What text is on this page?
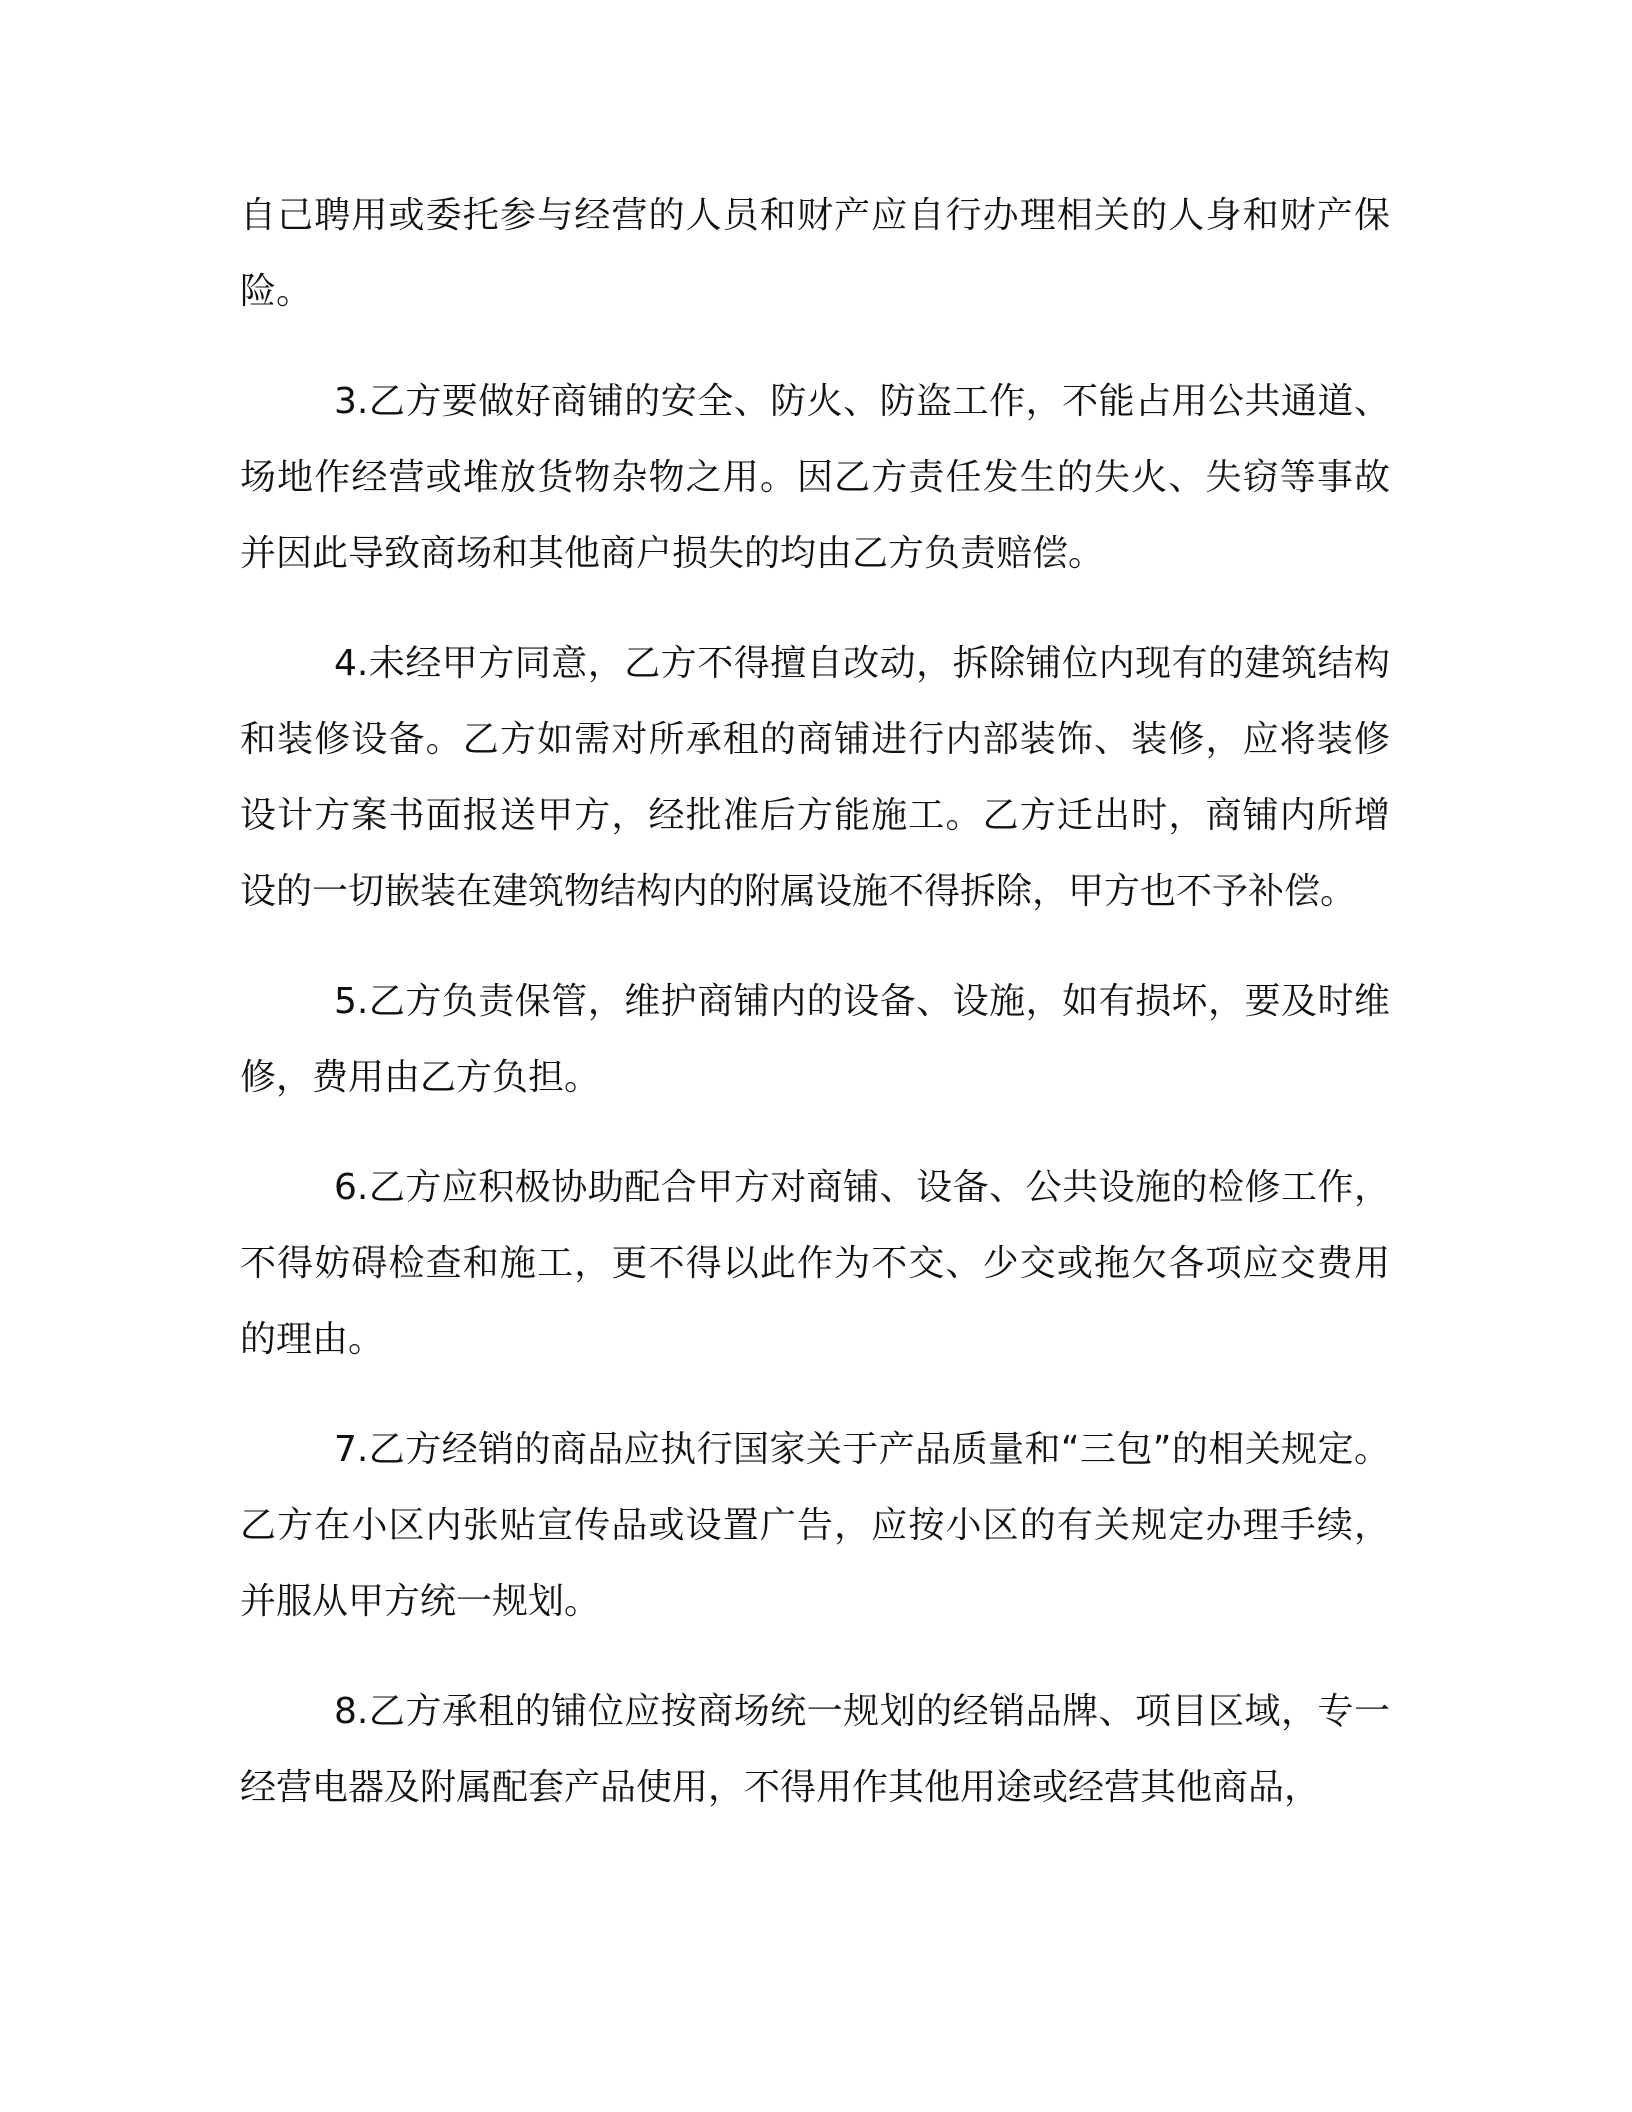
自己聘用或委托参与经营的人员和财产应自行办理相关的人身和财产保险。

3.乙方要做好商铺的安全、防火、防盗工作，不能占用公共通道、场地作经营或堆放货物杂物之用。因乙方责任发生的失火、失窃等事故并因此导致商场和其他商户损失的均由乙方负责赔偿。

4.未经甲方同意，乙方不得擅自改动，拆除铺位内现有的建筑结构和装修设备。乙方如需对所承租的商铺进行内部装饰、装修，应将装修设计方案书面报送甲方，经批准后方能施工。乙方迁出时，商铺内所增设的一切嵌装在建筑物结构内的附属设施不得拆除，甲方也不予补偿。

5.乙方负责保管，维护商铺内的设备、设施，如有损坏，要及时维修，费用由乙方负担。

6.乙方应积极协助配合甲方对商铺、设备、公共设施的检修工作，不得妨碍检查和施工，更不得以此作为不交、少交或拖欠各项应交费用的理由。

7.乙方经销的商品应执行国家关于产品质量和“三包”的相关规定。乙方在小区内张贴宣传品或设置广告，应按小区的有关规定办理手续，并服从甲方统一规划。

8.乙方承租的铺位应按商场统一规划的经销品牌、项目区域，专一经营电器及附属配套产品使用，不得用作其他用途或经营其他商品，
